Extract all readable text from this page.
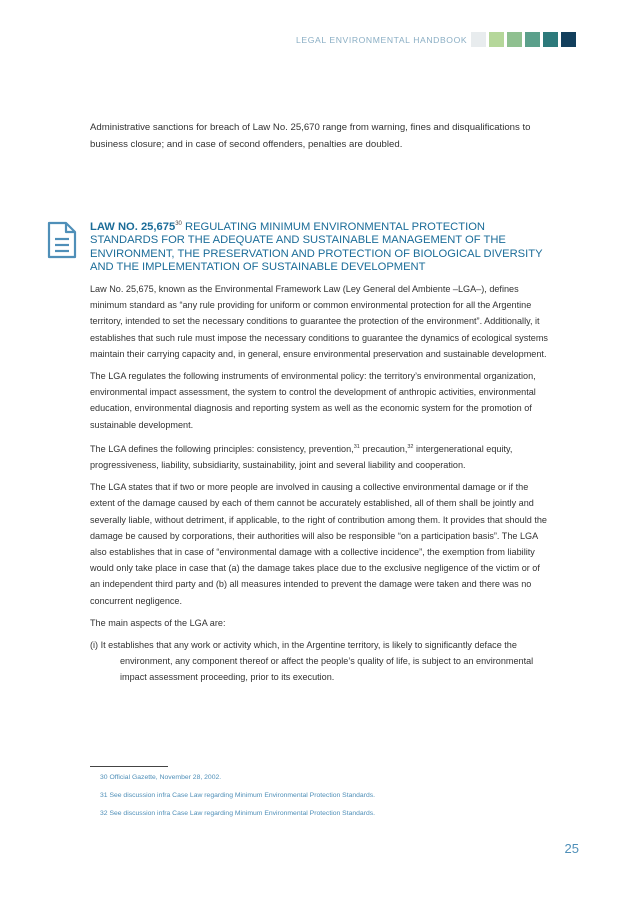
LEGAL ENVIRONMENTAL HANDBOOK

Administrative sanctions for breach of Law No. 25,670 range from warning, fines and disqualifications to business closure; and in case of second offenders, penalties are doubled.

LAW NO. 25,675$^{30}$ REGULATING MINIMUM ENVIRONMENTAL PROTECTION STANDARDS FOR THE ADEQUATE AND SUSTAINABLE MANAGEMENT OF THE ENVIRONMENT, THE PRESERVATION AND PROTECTION OF BIOLOGICAL DIVERSITY AND THE IMPLEMENTATION OF SUSTAINABLE DEVELOPMENT

Law No. 25,675, known as the Environmental Framework Law (Ley General del Ambiente –LGA–), defines minimum standard as “any rule providing for uniform or common environmental protection for all the Argentine territory, intended to set the necessary conditions to guarantee the protection of the environment”. Additionally, it establishes that such rule must impose the necessary conditions to guarantee the dynamics of ecological systems maintain their carrying capacity and, in general, ensure environmental preservation and sustainable development.

The LGA regulates the following instruments of environmental policy: the territory’s environmental organization, environmental impact assessment, the system to control the development of anthropic activities, environmental education, environmental diagnosis and reporting system as well as the economic system for the promotion of sustainable development.

The LGA defines the following principles: consistency, prevention,$^{31}$ precaution,$^{32}$ intergenerational equity, progressiveness, liability, subsidiarity, sustainability, joint and several liability and cooperation.

The LGA states that if two or more people are involved in causing a collective environmental damage or if the extent of the damage caused by each of them cannot be accurately established, all of them shall be jointly and severally liable, without detriment, if applicable, to the right of contribution among them. It provides that should the damage be caused by corporations, their authorities will also be responsible “on a participation basis”. The LGA also establishes that in case of “environmental damage with a collective incidence”, the exemption from liability would only take place in case that (a) the damage takes place due to the exclusive negligence of the victim or of an independent third party and (b) all measures intended to prevent the damage were taken and there was no concurrent negligence.

The main aspects of the LGA are:

(i) It establishes that any work or activity which, in the Argentine territory, is likely to significantly deface the environment, any component thereof or affect the people’s quality of life, is subject to an environmental impact assessment proceeding, prior to its execution.

30 Official Gazette, November 28, 2002.
31 See discussion infra Case Law regarding Minimum Environmental Protection Standards.
32 See discussion infra Case Law regarding Minimum Environmental Protection Standards.
25
